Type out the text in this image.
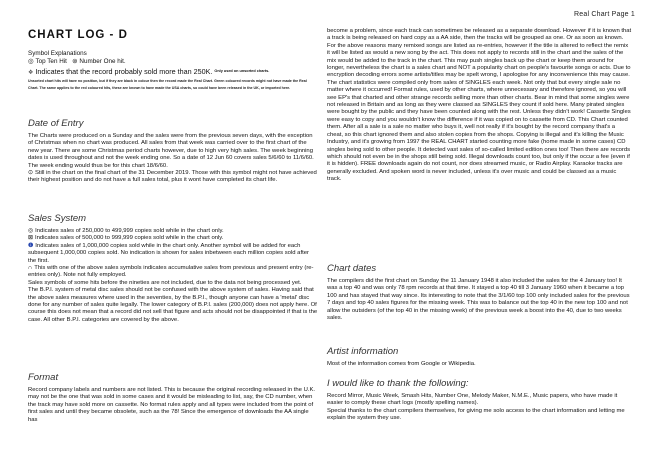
Real Chart Page 1
CHART LOG - D

Symbol Explanations

◎ Top Ten Hit ⊚ Number One hit.

❖ Indicates that the record probably sold more than 250K. $^{Only used on unsorted charts.}$

Unsorted chart hits will have no position, but if they are black in colour then the record made the Real Chart. Green coloured records might not have made the Real Chart. The same applies to the red coloured hits, these are known to have made the USA charts, so could have been released in the UK, or imported here.

Date of Entry

The Charts were produced on a Sunday and the sales were from the previous seven days, with the exception of Christmas when no chart was produced. All sales from that week was carried over to the first chart of the new year. There are some Christmas period charts however, due to high very high sales. The week beginning dates is used throughout and not the week ending one. So a date of 12 Jun 60 covers sales 5/6/60 to 11/6/60. The week ending would thus be for this chart 18/6/60.

⊙ Still in the chart on the final chart of the 31 December 2019. Those with this symbol might not have achieved their highest position and do not have a full sales total, plus it wont have completed its chart life.

Sales System

◎ Indicates sales of 250,000 to 499,999 copies sold while in the chart only.

⊠ Indicates sales of 500,000 to 999,999 copies sold while in the chart only.

❶ Indicates sales of 1,000,000 copies sold while in the chart only. Another symbol will be added for each subsequent 1,000,000 copies sold. No indication is shown for sales inbetween each million copies sold after the first.

∩ This with one of the above sales symbols indicates accumulative sales from previous and present entry (re-entries only). Note not fully employed.

Sales symbols of some hits before the nineties are not included, due to the data not being processed yet.

The B.P.I. system of metal disc sales should not be confused with the above system of sales. Having said that the above sales measures where used in the seventies, by the B.P.I., though anyone can have a 'metal' disc done for any number of sales quite legally. The lower category of B.P.I. sales (200,000) does not apply here. Of course this does not mean that a record did not sell that figure and acts should not be disappointed if that is the case. All other B.P.I. categories are covered by the above.

Format

Record company labels and numbers are not listed. This is because the original recording released in the U.K. may not be the one that was sold in some cases and it would be misleading to list, say, the CD number, when the track may have sold more on cassette. No format rules apply and all types were included from the point of first sales and until they became obsolete, such as the 78! Since the emergence of downloads the AA single has

become a problem, since each track can sometimes be released as a separate download. However if it is known that a track is being released on hard copy as a AA side, then the tracks will be grouped as one. Or as soon as known.

For the above reasons many remixed songs are listed as re-entries, however if the title is altered to reflect the remix it will be listed as would a new song by the act. This does not apply to records still in the chart and the sales of the mix would be added to the track in the chart. This may push singles back up the chart or keep them around for longer, nevertheless the chart is a sales chart and NOT a popularity chart on people's favourite songs or acts. Due to encryption decoding errors some artists/titles may be spelt wrong, I apologise for any inconvenience this may cause.

The chart statistics were compiled only from sales of SINGLES each week. Not only that but every single sale no matter where it occurred! Format rules, used by other charts, where unnecessary and therefore ignored, so you will see EP's that charted and other strange records selling more than other charts. Bear in mind that some singles were not released in Britain and as long as they were classed as SINGLES they count if sold here. Many pirated singles were bought by the public and they have been counted along with the rest. Unless they didn't work! Cassette Singles were easy to copy and you wouldn't know the difference if it was copied on to cassette from CD. This Chart counted them. After all a sale is a sale no matter who buys it, well not really if it's bought by the record company that's a cheat, so this chart ignored them and also stolen copies from the shops. Copying is illegal and it's killing the Music Industry, and it's growing from 1997 the REAL CHART started counting more fake (home made in some cases) CD singles being sold to other people. It detected vast sales of so-called limited edition ones too! Then there are records which should not even be in the shops still being sold. Illegal downloads count too, but only if the occur a fee (even if it is hidden). FREE downloads again do not count, nor does streamed music, or Radio Airplay. Karaoke tracks are generally excluded. And spoken word is never included, unless it's over music and could be classed as a music track.

Chart dates

The compilers did the first chart on Sunday the 11 January 1948 it also included the sales for the 4 January too! It was a top 40 and was only 78 rpm records at that time. It stayed a top 40 till 3 January 1960 when it became a top 100 and has stayed that way since. Its interesting to note that the 3/1/60 top 100 only included sales for the previous 7 days and top 40 sales figures for the missing week. This was to balance out the top 40 in the new top 100 and not allow the outsiders (of the top 40 in the missing week) of the previous week a boost into the 40, due to two weeks sales.

Artist information

Most of the information comes from Google or Wikipedia.

I would like to thank the following:

Record Mirror, Music Week, Smash Hits, Number One, Melody Maker, N.M.E., Music papers, who have made it easier to comply these chart logs (mostly spelling names).

Special thanks to the chart compilers themselves, for giving me solo access to the chart information and letting me explain the system they use.
